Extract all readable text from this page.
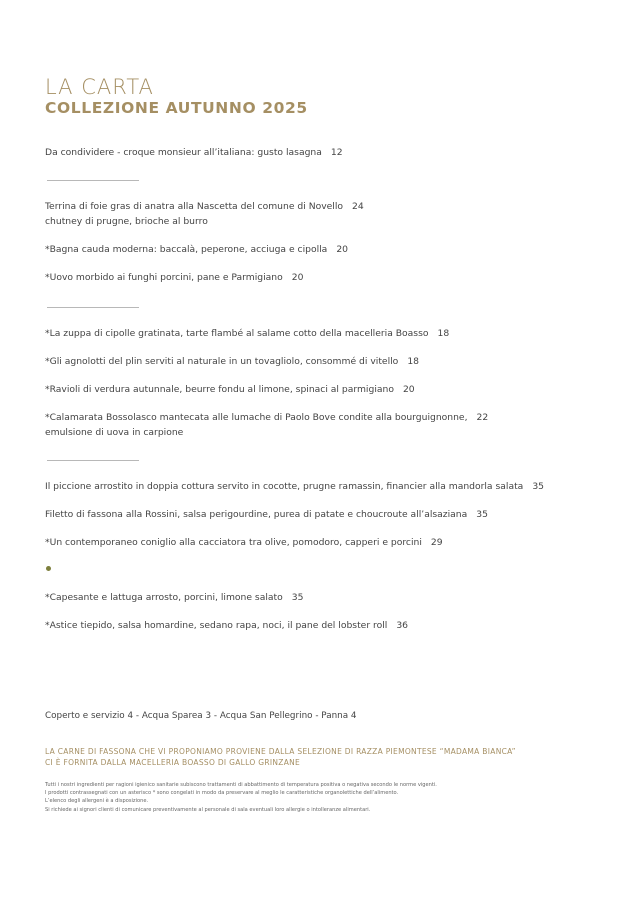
LA CARTA
COLLEZIONE AUTUNNO 2025
Da condividere - croque monsieur all’italiana: gusto lasagna 12
Terrina di foie gras di anatra alla Nascetta del comune di Novello 24
chutney di prugne, brioche al burro
*Bagna cauda moderna: baccalà, peperone, acciuga e cipolla 20
*Uovo morbido ai funghi porcini, pane e Parmigiano 20
*La zuppa di cipolle gratinata, tarte flambé al salame cotto della macelleria Boasso 18
*Gli agnolotti del plin serviti al naturale in un tovagliolo, consommé di vitello 18
*Ravioli di verdura autunnale, beurre fondu al limone, spinaci al parmigiano 20
*Calamarata Bossolasco mantecata alle lumache di Paolo Bove condite alla bourguignonne, 22
emulsione di uova in carpione
Il piccione arrostito in doppia cottura servito in cocotte, prugne ramassin, financier alla mandorla salata 35
Filetto di fassona alla Rossini, salsa perigourdine, purea di patate e choucroute all’alsaziana 35
*Un contemporaneo coniglio alla cacciatora tra olive, pomodoro, capperi e porcini 29
*Capesante e lattuga arrosto, porcini, limone salato 35
*Astice tiepido, salsa homardine, sedano rapa, noci, il pane del lobster roll 36
Coperto e servizio 4 - Acqua Sparea 3 - Acqua San Pellegrino - Panna 4
LA CARNE DI FASSONA CHE VI PROPONIAMO PROVIENE DALLA SELEZIONE DI RAZZA PIEMONTESE “MADAMA BIANCA”
CI È FORNITA DALLA MACELLERIA BOASSO DI GALLO GRINZANE
Tutti i nostri ingredienti per ragioni igienico sanitarie subiscono trattamenti di abbattimento di temperatura positiva o negativa secondo le norme vigenti.
I prodotti contrassegnati con un asterisco * sono congelati in modo da preservare al meglio le caratteristiche organolettiche dell’alimento.
L’elenco degli allergeni è a disposizione.
Si richiede ai signori clienti di comunicare preventivamente al personale di sala eventuali loro allergie o intolleranze alimentari.
